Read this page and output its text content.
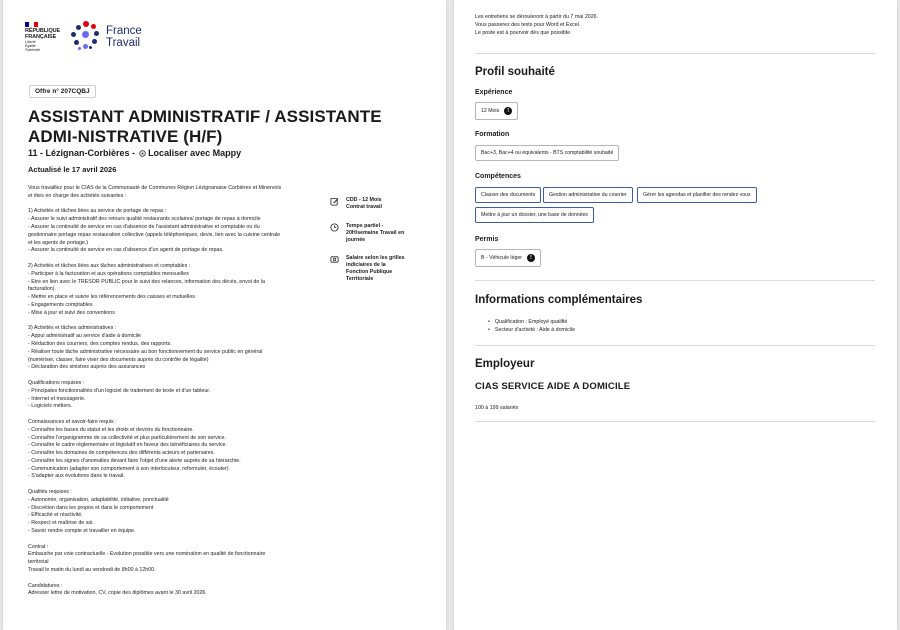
RÉPUBLIQUE
FRANÇAISE
Liberté
Égalité
Fraternité
France
Travail
Offre n° 207CQBJ
ASSISTANT ADMINISTRATIF / ASSISTANTE ADMI-NISTRATIVE (H/F)
11 - Lézignan-Corbières - Localiser avec Mappy
Actualisé le 17 avril 2026
Vous travaillez pour le CIAS de la Communauté de Communes Région Lézignanaise Corbières et Minervois
et êtes en charge des activités suivantes :

1) Activités et tâches liées au service de portage de repas :
- Assurer le suivi administratif des retours qualité restaurants scolaires/ portage de repas à domicile
- Assurer la continuité de service en cas d'absence de l'assistant administrative et comptable ou du
gestionnaire portage repas restauration collective (appels téléphoniques, devis, lien avec la cuisine centrale
et les agents de portage.)
- Assurer la continuité de service en cas d'absence d'un agent de portage de repas.

2) Activités et tâches liées aux tâches administratives et comptables :
- Participer à la facturation et aux opérations comptables mensuelles
- Etre en lien avec le TRESOR PUBLIC pour le suivi des relances, information des décès, envoi de la
facturation).
- Mettre en place et suivre les référencements des caisses et mutuelles
- Engagements comptables
- Mise à jour et suivi des conventions

3) Activités et tâches administratives :
- Appui administratif au service d'aide à domicile
- Rédaction des courriers, des comptes rendus, des rapports.
- Réaliser toute tâche administrative nécessaire au bon fonctionnement du service public en général
(numériser, classer, faire viser des documents auprès du contrôle de légalité)
- Déclaration des sinistres auprès des assurances

Qualifications requises :
- Principales fonctionnalités d'un logiciel de traitement de texte et d'un tableur.
- Internet et messagerie.
- Logiciels métiers.

Connaissances et savoir-faire requis :
- Connaître les bases du statut et les droits et devoirs du fonctionnaire.
- Connaître l'organigramme de sa collectivité et plus particulièrement de son service.
- Connaître le cadre réglementaire et législatif en faveur des bénéficiaires du service.
- Connaître les domaines de compétences des différents acteurs et partenaires.
- Connaître les signes d'anomalies devant faire l'objet d'une alerte auprès de sa hiérarchie.
- Communication (adapter son comportement à son interlocuteur, reformuler, écouter).
- S'adapter aux évolutions dans le travail.

Qualités requises :
- Autonomie, organisation, adaptabilité, initiative, ponctualité
- Discrétion dans les propos et dans le comportement
- Efficacité et réactivité.
- Respect et maîtrise de soi.
- Savoir rendre compte et travailler en équipe.

Contrat :
Embauche par voie contractuelle - Evolution possible vers une nomination en qualité de fonctionnaire
territorial
Travail le matin du lundi au vendredi de 8h00 à 12h00.

Candidatures :
Adresser lettre de motivation, CV, copie des diplômes avant le 30 avril 2026.
CDD - 12 Mois
Contrat travail
Temps partiel -
20H/semaine Travail en
journée
Salaire selon les grilles
indiciaires de la
Fonction Publique
Territoriale
Les entretiens se dérouleront à partir du 7 mai 2026.
Vous passerez des tests pour Word et Excel.
Le poste est à pourvoir dès que possible.
Profil souhaité
Expérience
12 Mois	!
Formation
Bac+3, Bac+4 ou équivalents - BTS comptabilité souhaité
Compétences
Classer des documents	Gestion administrative du courrier	Gérer les agendas et planifier des rendez vous
Mettre à jour un dossier, une base de données
Permis
B - Véhicule léger	!
Informations complémentaires
• Qualification : Employé qualifié
• Secteur d'activité : Aide à domicile
Employeur
CIAS SERVICE AIDE A DOMICILE
100 à 199 salariés
